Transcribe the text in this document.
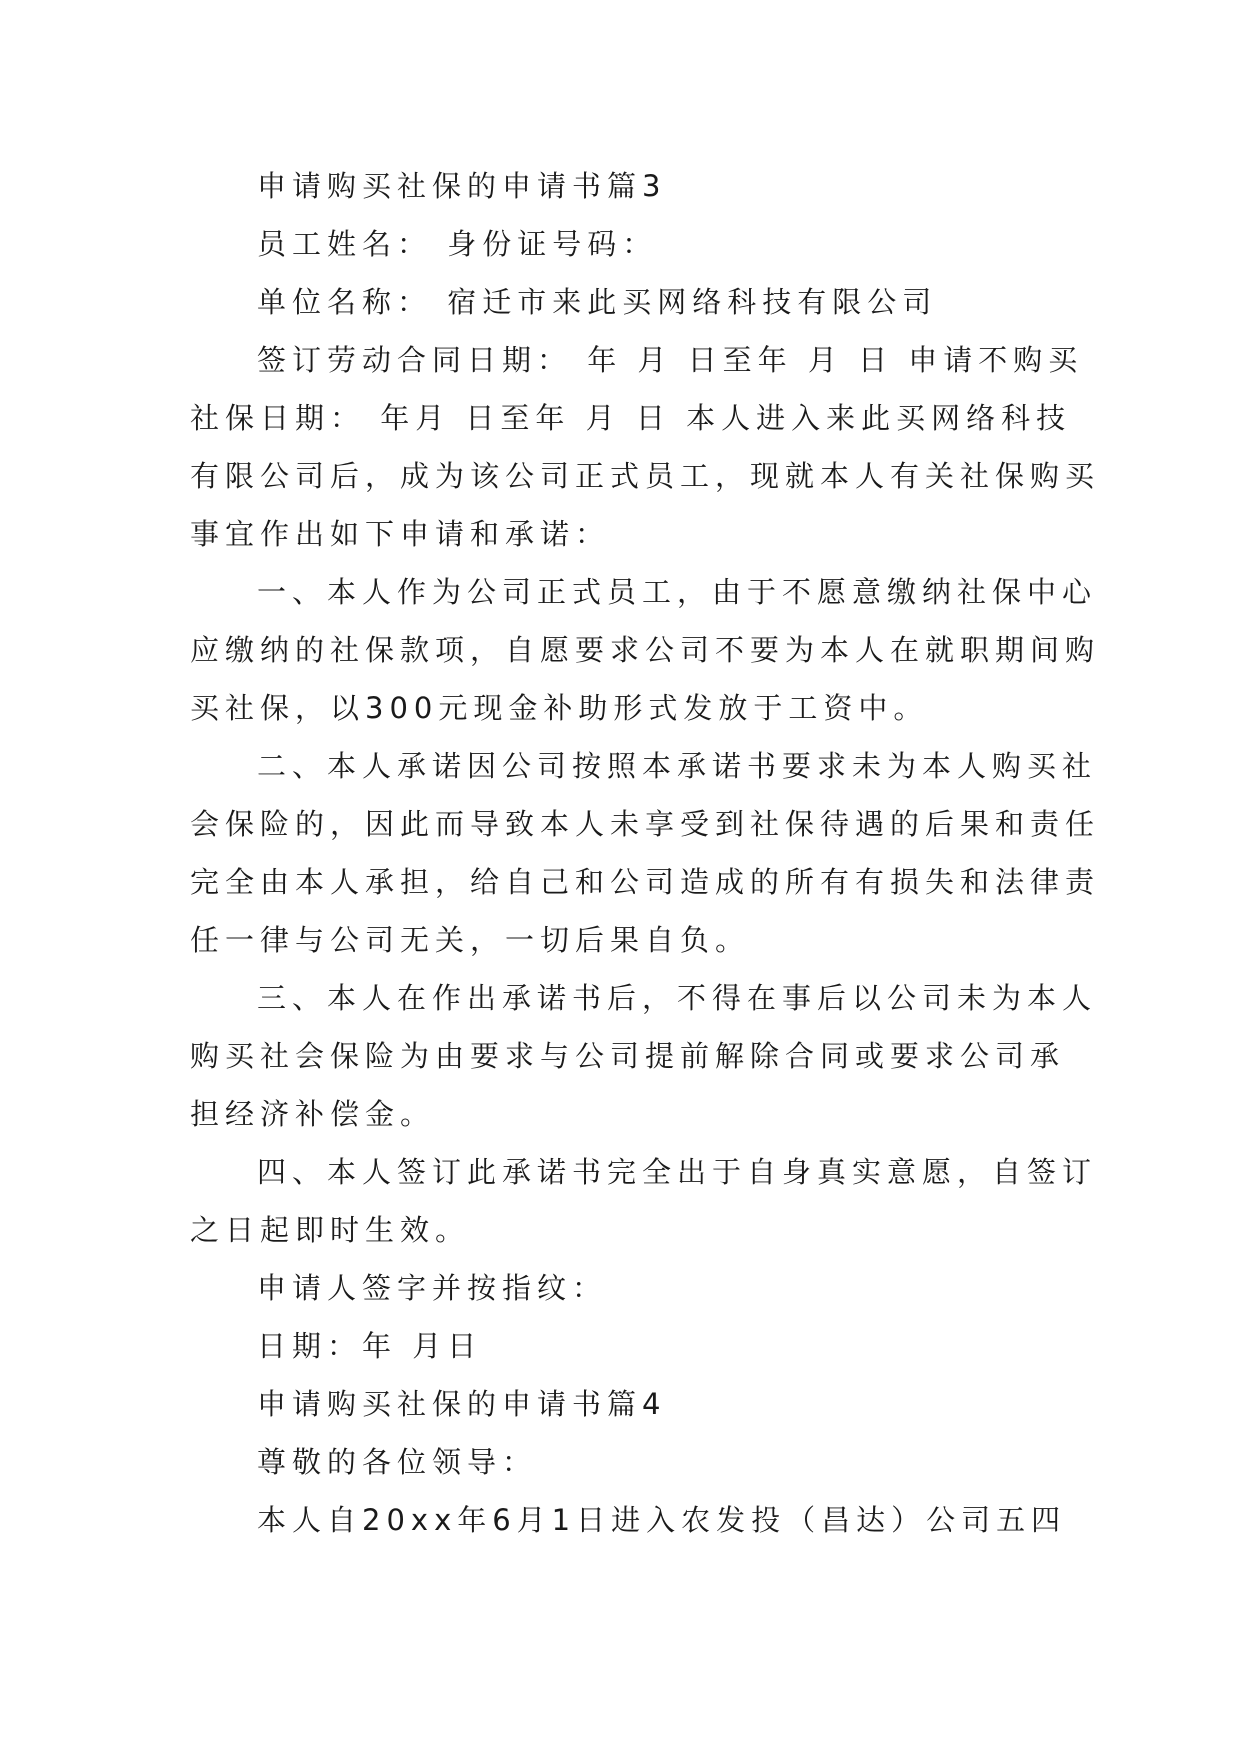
申请购买社保的申请书篇3
员工姓名： 身份证号码：
单位名称： 宿迁市来此买网络科技有限公司
签订劳动合同日期： 年 月 日至年 月 日 申请不购买
社保日期： 年月 日至年 月 日 本人进入来此买网络科技
有限公司后，成为该公司正式员工，现就本人有关社保购买
事宜作出如下申请和承诺：
一、本人作为公司正式员工，由于不愿意缴纳社保中心
应缴纳的社保款项，自愿要求公司不要为本人在就职期间购
买社保，以300元现金补助形式发放于工资中。
二、本人承诺因公司按照本承诺书要求未为本人购买社
会保险的，因此而导致本人未享受到社保待遇的后果和责任
完全由本人承担，给自己和公司造成的所有有损失和法律责
任一律与公司无关，一切后果自负。
三、本人在作出承诺书后，不得在事后以公司未为本人
购买社会保险为由要求与公司提前解除合同或要求公司承
担经济补偿金。
四、本人签订此承诺书完全出于自身真实意愿，自签订
之日起即时生效。
申请人签字并按指纹：
日期：年 月日
申请购买社保的申请书篇4
尊敬的各位领导：
本人自20xx年6月1日进入农发投（昌达）公司五四
